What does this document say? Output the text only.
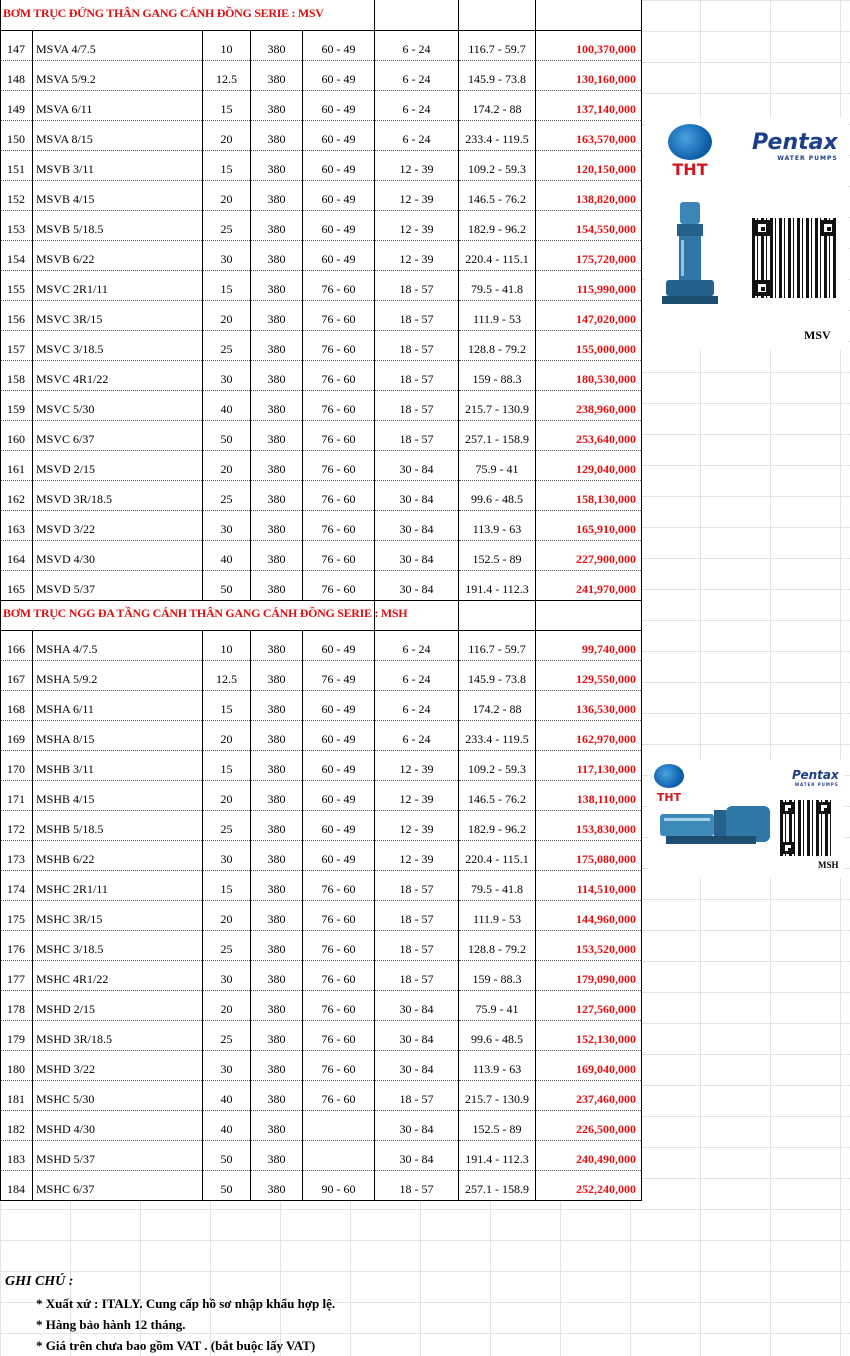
BƠM TRỤC ĐỨNG THÂN GANG CÁNH ĐỒNG SERIE : MSV							
147	MSVA 4/7.5	10	380	60 - 49	6 - 24	116.7 - 59.7	100,370,000
148	MSVA 5/9.2	12.5	380	60 - 49	6 - 24	145.9 - 73.8	130,160,000
149	MSVA 6/11	15	380	60 - 49	6 - 24	174.2 - 88	137,140,000
150	MSVA 8/15	20	380	60 - 49	6 - 24	233.4 - 119.5	163,570,000
151	MSVB 3/11	15	380	60 - 49	12 - 39	109.2 - 59.3	120,150,000
152	MSVB 4/15	20	380	60 - 49	12 - 39	146.5 - 76.2	138,820,000
153	MSVB 5/18.5	25	380	60 - 49	12 - 39	182.9 - 96.2	154,550,000
154	MSVB 6/22	30	380	60 - 49	12 - 39	220.4 - 115.1	175,720,000
155	MSVC 2R1/11	15	380	76 - 60	18 - 57	79.5 - 41.8	115,990,000
156	MSVC 3R/15	20	380	76 - 60	18 - 57	111.9 - 53	147,020,000
157	MSVC 3/18.5	25	380	76 - 60	18 - 57	128.8 - 79.2	155,000,000
158	MSVC 4R1/22	30	380	76 - 60	18 - 57	159 - 88.3	180,530,000
159	MSVC 5/30	40	380	76 - 60	18 - 57	215.7 - 130.9	238,960,000
160	MSVC 6/37	50	380	76 - 60	18 - 57	257.1 - 158.9	253,640,000
161	MSVD 2/15	20	380	76 - 60	30 - 84	75.9 - 41	129,040,000
162	MSVD 3R/18.5	25	380	76 - 60	30 - 84	99.6 - 48.5	158,130,000
163	MSVD 3/22	30	380	76 - 60	30 - 84	113.9 - 63	165,910,000
164	MSVD 4/30	40	380	76 - 60	30 - 84	152.5 - 89	227,900,000
165	MSVD 5/37	50	380	76 - 60	30 - 84	191.4 - 112.3	241,970,000
BƠM TRỤC NGG ĐA TẦNG CÁNH THÂN GANG CÁNH ĐỒNG SERIE : MSH							
166	MSHA 4/7.5	10	380	60 - 49	6 - 24	116.7 - 59.7	99,740,000
167	MSHA 5/9.2	12.5	380	76 - 49	6 - 24	145.9 - 73.8	129,550,000
168	MSHA 6/11	15	380	60 - 49	6 - 24	174.2 - 88	136,530,000
169	MSHA 8/15	20	380	60 - 49	6 - 24	233.4 - 119.5	162,970,000
170	MSHB 3/11	15	380	60 - 49	12 - 39	109.2 - 59.3	117,130,000
171	MSHB 4/15	20	380	60 - 49	12 - 39	146.5 - 76.2	138,110,000
172	MSHB 5/18.5	25	380	60 - 49	12 - 39	182.9 - 96.2	153,830,000
173	MSHB 6/22	30	380	60 - 49	12 - 39	220.4 - 115.1	175,080,000
174	MSHC 2R1/11	15	380	76 - 60	18 - 57	79.5 - 41.8	114,510,000
175	MSHC 3R/15	20	380	76 - 60	18 - 57	111.9 - 53	144,960,000
176	MSHC 3/18.5	25	380	76 - 60	18 - 57	128.8 - 79.2	153,520,000
177	MSHC 4R1/22	30	380	76 - 60	18 - 57	159 - 88.3	179,090,000
178	MSHD 2/15	20	380	76 - 60	30 - 84	75.9 - 41	127,560,000
179	MSHD 3R/18.5	25	380	76 - 60	30 - 84	99.6 - 48.5	152,130,000
180	MSHD 3/22	30	380	76 - 60	30 - 84	113.9 - 63	169,040,000
181	MSHC 5/30	40	380	76 - 60	18 - 57	215.7 - 130.9	237,460,000
182	MSHD 4/30	40	380		30 - 84	152.5 - 89	226,500,000
183	MSHD 5/37	50	380		30 - 84	191.4 - 112.3	240,490,000
184	MSHC 6/37	50	380	90 - 60	18 - 57	257.1 - 158.9	252,240,000
THT
Pentax
WATER PUMPS
MSV
THT
Pentax
WATER PUMPS
MSH
GHI CHÚ :
* Xuất xứ : ITALY. Cung cấp hồ sơ nhập khẩu hợp lệ.
* Hàng bảo hành 12 tháng.
* Giá trên chưa bao gồm VAT . (bắt buộc lấy VAT)
